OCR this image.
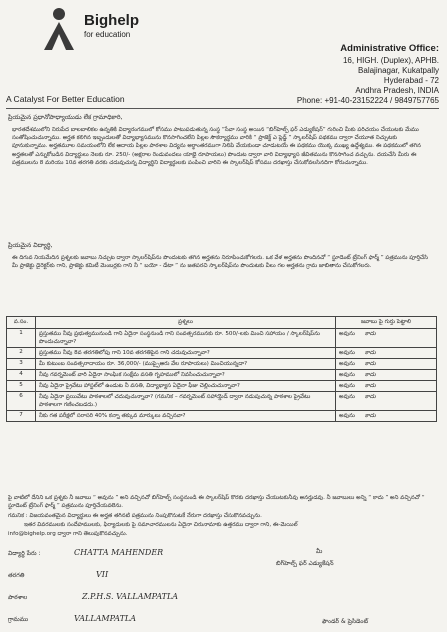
Bighelp
for education
A Catalyst For Better Education
Administrative Office:
16, HIGH. (Duplex), APHB.
Balajinagar, Kukatpally
Hyderabad - 72
Andhra Pradesh, INDIA
Phone: +91-40-23152224 / 9849757765
ప్రియమైన ప్రధానోపాధ్యాయుడు లేక గ్రామాధికారి,
భారతదేశములోని నిరుపేద బాలబాలికల ఉన్నతికి విద్యారంగములో కోసము పాటుపడుతున్న సంస్థ “సేవా సంస్థ అయిన “బిగ్‌హెల్ప్ ఫర్ ఎడ్యుకేషన్” గురించి మీకు పరిచయం చేయుటకు మేము సంతోషించుచున్నాము. అర్హత కలిగిన ఇబ్బందులతో విద్యాభ్యాసమును కొనసాగించలేని పిల్లల సౌకర్యార్థము వారికి “ ప్రాజెక్ట్ ఎ ప్లెడ్జ్ ” స్కాలర్‌షిప్ పథకము ద్వారా చేయూత నిచ్చుటకు పూనుకున్నాము. అర్హతమూల సమయంలోని లేక ఆదాయ పిల్లల పాఠశాల విద్యను అర్థాంతరముగా నిలిపి వేయకుండా చూడుటయే ఈ పథకము యొక్క ముఖ్య ఉద్దేశ్యము. ఈ పథకములో తగిన అర్హతలతో ఎన్నుకోబడిన విద్యార్థులు నెలకు రూ. 250/- (అక్షరాల రెండువందలు యాభై రూపాయలు) పొందుట ద్వారా వారి విద్యాభ్యాస జీవితమును కొనసాగించ వచ్చును. దయచేసి మీరు ఈ పత్రములను 8 మరియు 10వ తరగతి వరకు చదువుచున్న విద్యార్థిని విద్యార్థులకు పంపించి వారిని ఈ స్కాలర్‌షిప్ కోసము దరఖాస్తు చేసుకోవలసినదిగా కోరుచున్నాము.
ప్రియమైన విద్యార్థి,
ఈ దిగువ నియమేదిన ప్రశ్నలకు జవాబు నిచ్చుట ద్వారా స్కాలర్‌షిప్‌ను పొందుటకు తగిన అర్హతను నిరూపించుకోగలరు. ఒక వేళ అర్హతను పొందినచో “ స్టూడెంట్ ట్రేనింగ్ ఫార్మ్ ” పత్రమును పూర్తిచేసి మీ ప్రాజెక్టు డైరెక్టర్‌కు గాని, ప్రాజెక్టు కమిటీ మెంబర్లకు గాని నీ “ బయో - డేటా ” ను జతపరచి స్కాలర్‌షిప్‌ను పొందుటకు వీలు గల అర్హతను గ్రామ జాబితాను చేసుకోగలరు.
వ.సం.	ప్రశ్నలు	జవాబు పై గుర్తు పెట్టాలి
1	ప్రస్తుతము నీవు ప్రభుత్వమునుండి గాని ఏదైనా సంస్థనుండి గాని సంవత్సరమునకు రూ. 500/-లకు మించి సహాయం / స్కాలర్‌షిప్‌ను పొందుచున్నావా?	అవును కాదు

2	ప్రస్తుతము నీవు 8వ తరగతిలోపు గాని 10వ తరగతిపైన గాని చదువుచున్నావా?	అవును కాదు

3	మీ కుటుంబ సంవత్సరాదాయం రూ. 36,000/- (ముప్పైఆరు వేల రూపాయలు) మించియున్నదా?	అవును కాదు

4	నీవు గవర్నమెంట్ వారి ఏదైనా సాంఘిక సంక్షేమ వసతి గృహములో నివసించుచున్నావా?	అవును కాదు

5	నీవు ఏదైనా ప్రైవేటు హాస్టల్‌లో ఉండుట నీ వసతి, విద్యాభ్యాస ఏదైనా ఫీజు చెల్లించుచున్నావా?	అవును కాదు

6	నీవు ఏదైనా ప్రయివేటు పాఠశాలలో చదువుచున్నావా? (గమనిక – గవర్నమెంట్ సహాయ్డెడ్ ద్వారా నడుపుచున్న పాఠశాల ప్రైవేటు పాఠశాలగా గణించబడదు.)	అవును కాదు

7	నీకు గత పరీక్షలో సరాసరి 40% కన్నా తక్కువ మార్కులు వచ్చినవా?	అవును కాదు
పై వాటిలో దేనిని ఒక ప్రశ్నకు నీ జవాబు “ అవును ” అని వచ్చినచో బిగ్‌హెల్ప్ సంస్థనుండి ఈ స్కాలర్‌షిప్ కొరకు దరఖాస్తు చేయుటకునీవు అనర్హుడవు. నీ జవాబులు అన్ని “ కాదు ” అని వచ్చినచో “ స్టూడెంట్ ట్రేనింగ్ ఫార్మ్ ” పత్రమును పూర్తిచేయవలెను.
గమనిక : విజయవంతమైన విద్యార్థులు ఈ అర్హత తగినటి పత్రమును నింపుకొనుటకే నేరుగా దరఖాస్తు చేసుకొనవచ్చును.
ఇతర వివరములకు సందేహములకు, ఫిర్యాదులకు పై సమాచారములను ఏదైనా చిరునామాకు ఉత్తరము ద్వారా గాని, ఈ-మెయిల్
info@bighelp.org ద్వారా గాని తెలుపుకొనవచ్చును.
విద్యార్థి పేరు :	CHATTA MAHENDER
తరగతి	VII
పాఠశాల	Z.P.H.S. VALLAMPATLA
గ్రామము	VALLAMPATLA
మీ
బిగ్‌హెల్ప్ ఫర్ ఎడ్యుకేషన్
ఫౌండర్ & ప్రెసిడెంట్
